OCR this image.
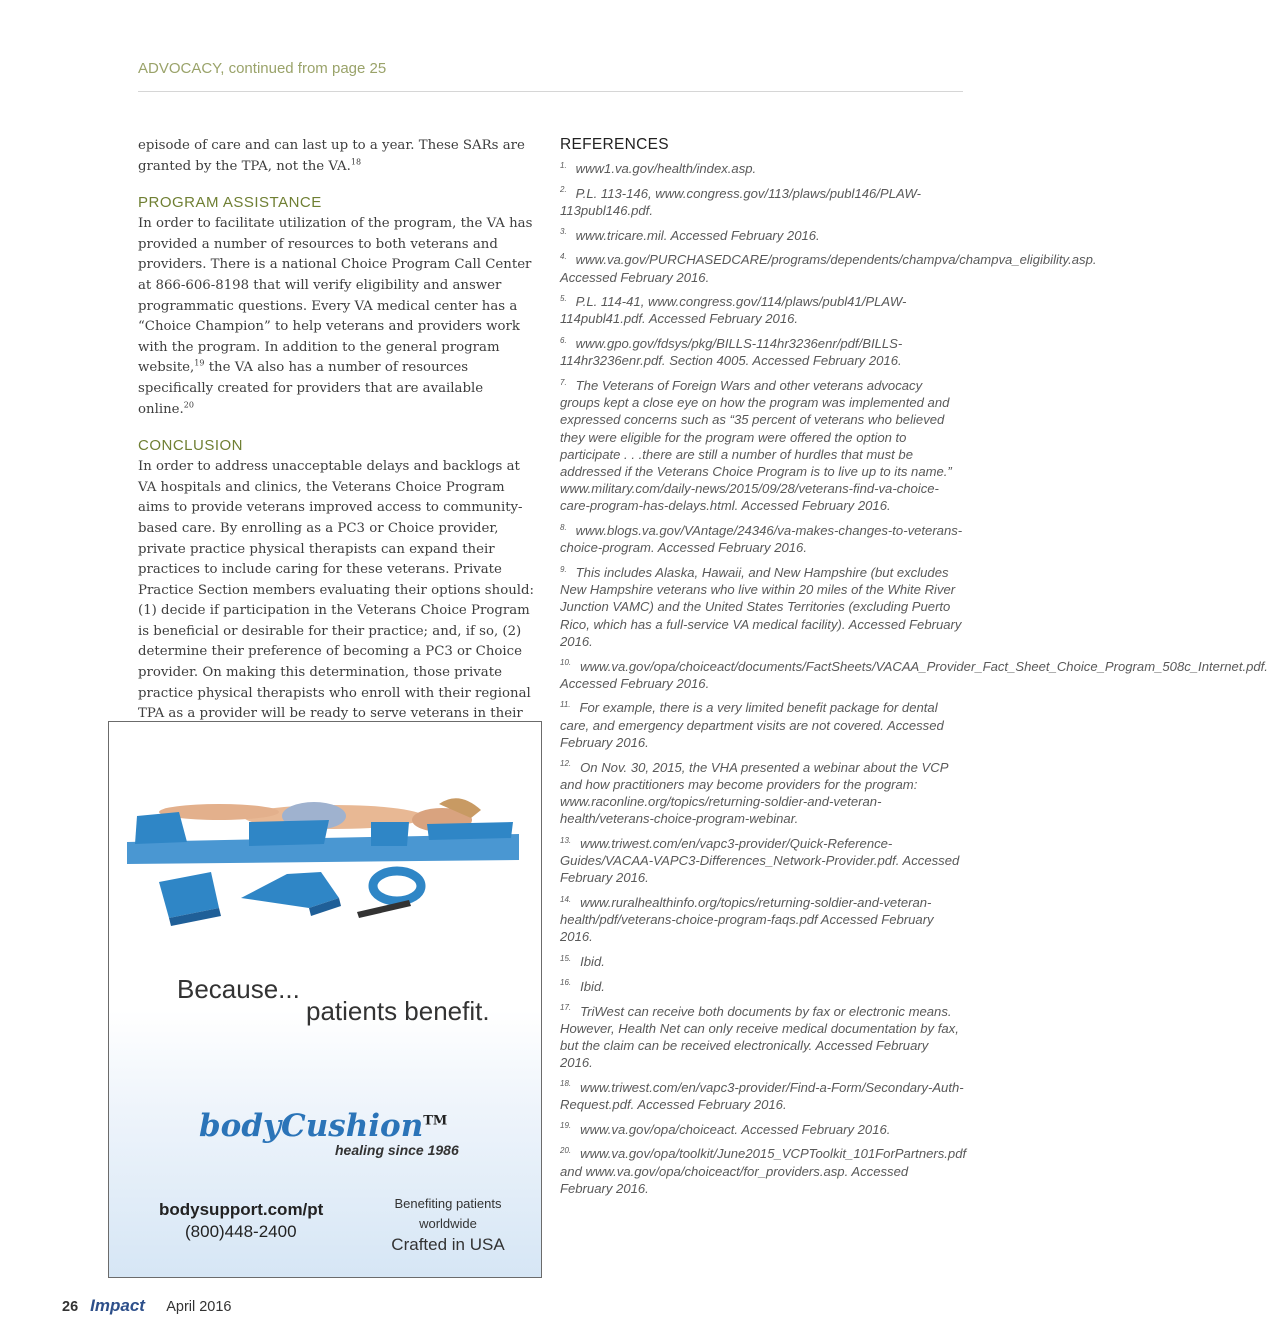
ADVOCACY, continued from page 25

episode of care and can last up to a year. These SARs are granted by the TPA, not the VA.$^{18}$

PROGRAM ASSISTANCE

In order to facilitate utilization of the program, the VA has provided a number of resources to both veterans and providers. There is a national Choice Program Call Center at 866-606-8198 that will verify eligibility and answer programmatic questions. Every VA medical center has a “Choice Champion” to help veterans and providers work with the program. In addition to the general program website,$^{19}$ the VA also has a number of resources specifically created for providers that are available online.$^{20}$

CONCLUSION

In order to address unacceptable delays and backlogs at VA hospitals and clinics, the Veterans Choice Program aims to provide veterans improved access to community-based care. By enrolling as a PC3 or Choice provider, private practice physical therapists can expand their practices to include caring for these veterans. Private Practice Section members evaluating their options should: (1) decide if participation in the Veterans Choice Program is beneficial or desirable for their practice; and, if so, (2) determine their preference of becoming a PC3 or Choice provider. On making this determination, those private practice physical therapists who enroll with their regional TPA as a provider will be ready to serve veterans in their

Because...
patients benefit.
bodyCushion™
healing since 1986
bodysupport.com/pt
(800)448-2400
Benefiting patients
worldwide
Crafted in USA
REFERENCES
$^{1.}$ www1.va.gov/health/index.asp.
$^{2.}$ P.L. 113-146, www.congress.gov/113/plaws/publ146/PLAW-113publ146.pdf.
$^{3.}$ www.tricare.mil. Accessed February 2016.
$^{4.}$ www.va.gov/PURCHASEDCARE/programs/dependents/champva/champva_eligibility.asp. Accessed February 2016.
$^{5.}$ P.L. 114-41, www.congress.gov/114/plaws/publ41/PLAW-114publ41.pdf. Accessed February 2016.
$^{6.}$ www.gpo.gov/fdsys/pkg/BILLS-114hr3236enr/pdf/BILLS-114hr3236enr.pdf. Section 4005. Accessed February 2016.
$^{7.}$ The Veterans of Foreign Wars and other veterans advocacy groups kept a close eye on how the program was implemented and expressed concerns such as “35 percent of veterans who believed they were eligible for the program were offered the option to participate . . .there are still a number of hurdles that must be addressed if the Veterans Choice Program is to live up to its name.” www.military.com/daily-news/2015/09/28/veterans-find-va-choice-care-program-has-delays.html. Accessed February 2016.
$^{8.}$ www.blogs.va.gov/VAntage/24346/va-makes-changes-to-veterans-choice-program. Accessed February 2016.
$^{9.}$ This includes Alaska, Hawaii, and New Hampshire (but excludes New Hampshire veterans who live within 20 miles of the White River Junction VAMC) and the United States Territories (excluding Puerto Rico, which has a full-service VA medical facility). Accessed February 2016.
$^{10.}$ www.va.gov/opa/choiceact/documents/FactSheets/VACAA_Provider_Fact_Sheet_Choice_Program_508c_Internet.pdf. Accessed February 2016.
$^{11.}$ For example, there is a very limited benefit package for dental care, and emergency department visits are not covered. Accessed February 2016.
$^{12.}$ On Nov. 30, 2015, the VHA presented a webinar about the VCP and how practitioners may become providers for the program: www.raconline.org/topics/returning-soldier-and-veteran-health/veterans-choice-program-webinar.
$^{13.}$ www.triwest.com/en/vapc3-provider/Quick-Reference-Guides/VACAA-VAPC3-Differences_Network-Provider.pdf. Accessed February 2016.
$^{14.}$ www.ruralhealthinfo.org/topics/returning-soldier-and-veteran-health/pdf/veterans-choice-program-faqs.pdf Accessed February 2016.
$^{15.}$ Ibid.
$^{16.}$ Ibid.
$^{17.}$ TriWest can receive both documents by fax or electronic means. However, Health Net can only receive medical documentation by fax, but the claim can be received electronically. Accessed February 2016.
$^{18.}$ www.triwest.com/en/vapc3-provider/Find-a-Form/Secondary-Auth-Request.pdf. Accessed February 2016.
$^{19.}$ www.va.gov/opa/choiceact. Accessed February 2016.
$^{20.}$ www.va.gov/opa/toolkit/June2015_VCPToolkit_101ForPartners.pdf and www.va.gov/opa/choiceact/for_providers.asp. Accessed February 2016.
26 Impact April 2016
